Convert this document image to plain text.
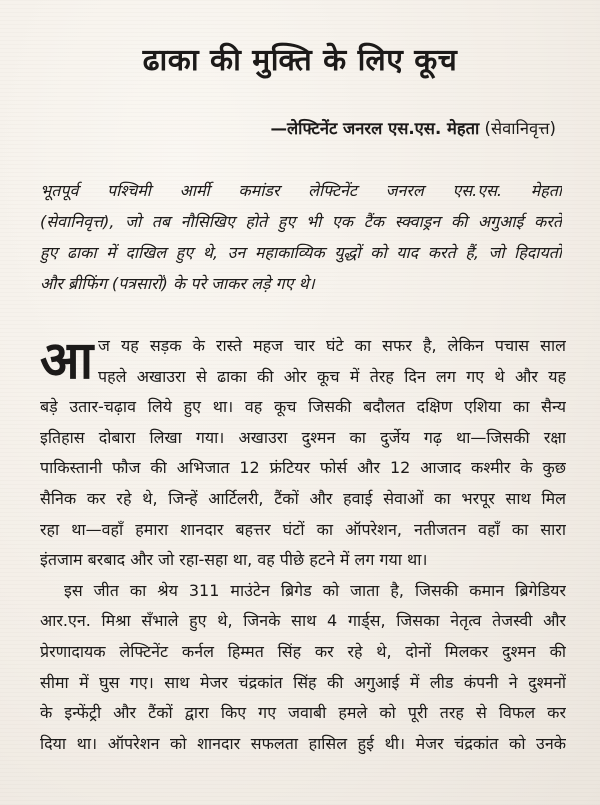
ढाका की मुक्ति के लिए कूच
—लेफ्टिनेंट जनरल एस.एस. मेहता (सेवानिवृत्त)
भूतपूर्व पश्चिमी आर्मी कमांडर लेफ्टिनेंट जनरल एस.एस. मेहता
(सेवानिवृत्त), जो तब नौसिखिए होते हुए भी एक टैंक स्क्वाड्रन की अगुआई करते
हुए ढाका में दाखिल हुए थे, उन महाकाव्यिक युद्धों को याद करते हैं, जो हिदायतों
और ब्रीफिंग (पत्रसारों) के परे जाकर लड़े गए थे।
आ ज यह सड़क के रास्ते महज चार घंटे का सफर है, लेकिन पचास साल
पहले अखाउरा से ढाका की ओर कूच में तेरह दिन लग गए थे और यह
बड़े उतार-चढ़ाव लिये हुए था। वह कूच जिसकी बदौलत दक्षिण एशिया का सैन्य
इतिहास दोबारा लिखा गया। अखाउरा दुश्मन का दुर्जेय गढ़ था—जिसकी रक्षा
पाकिस्तानी फौज की अभिजात 12 फ्रंटियर फोर्स और 12 आजाद कश्मीर के कुछ
सैनिक कर रहे थे, जिन्हें आर्टिलरी, टैंकों और हवाई सेवाओं का भरपूर साथ मिल
रहा था—वहाँ हमारा शानदार बहत्तर घंटों का ऑपरेशन, नतीजतन वहाँ का सारा
इंतजाम बरबाद और जो रहा-सहा था, वह पीछे हटने में लग गया था।
इस जीत का श्रेय 311 माउंटेन ब्रिगेड को जाता है, जिसकी कमान ब्रिगेडियर
आर.एन. मिश्रा सँभाले हुए थे, जिनके साथ 4 गार्ड्स, जिसका नेतृत्व तेजस्वी और
प्रेरणादायक लेफ्टिनेंट कर्नल हिम्मत सिंह कर रहे थे, दोनों मिलकर दुश्मन की
सीमा में घुस गए। साथ मेजर चंद्रकांत सिंह की अगुआई में लीड कंपनी ने दुश्मनों
के इन्फेंट्री और टैंकों द्वारा किए गए जवाबी हमले को पूरी तरह से विफल कर
दिया था। ऑपरेशन को शानदार सफलता हासिल हुई थी। मेजर चंद्रकांत को उनके
